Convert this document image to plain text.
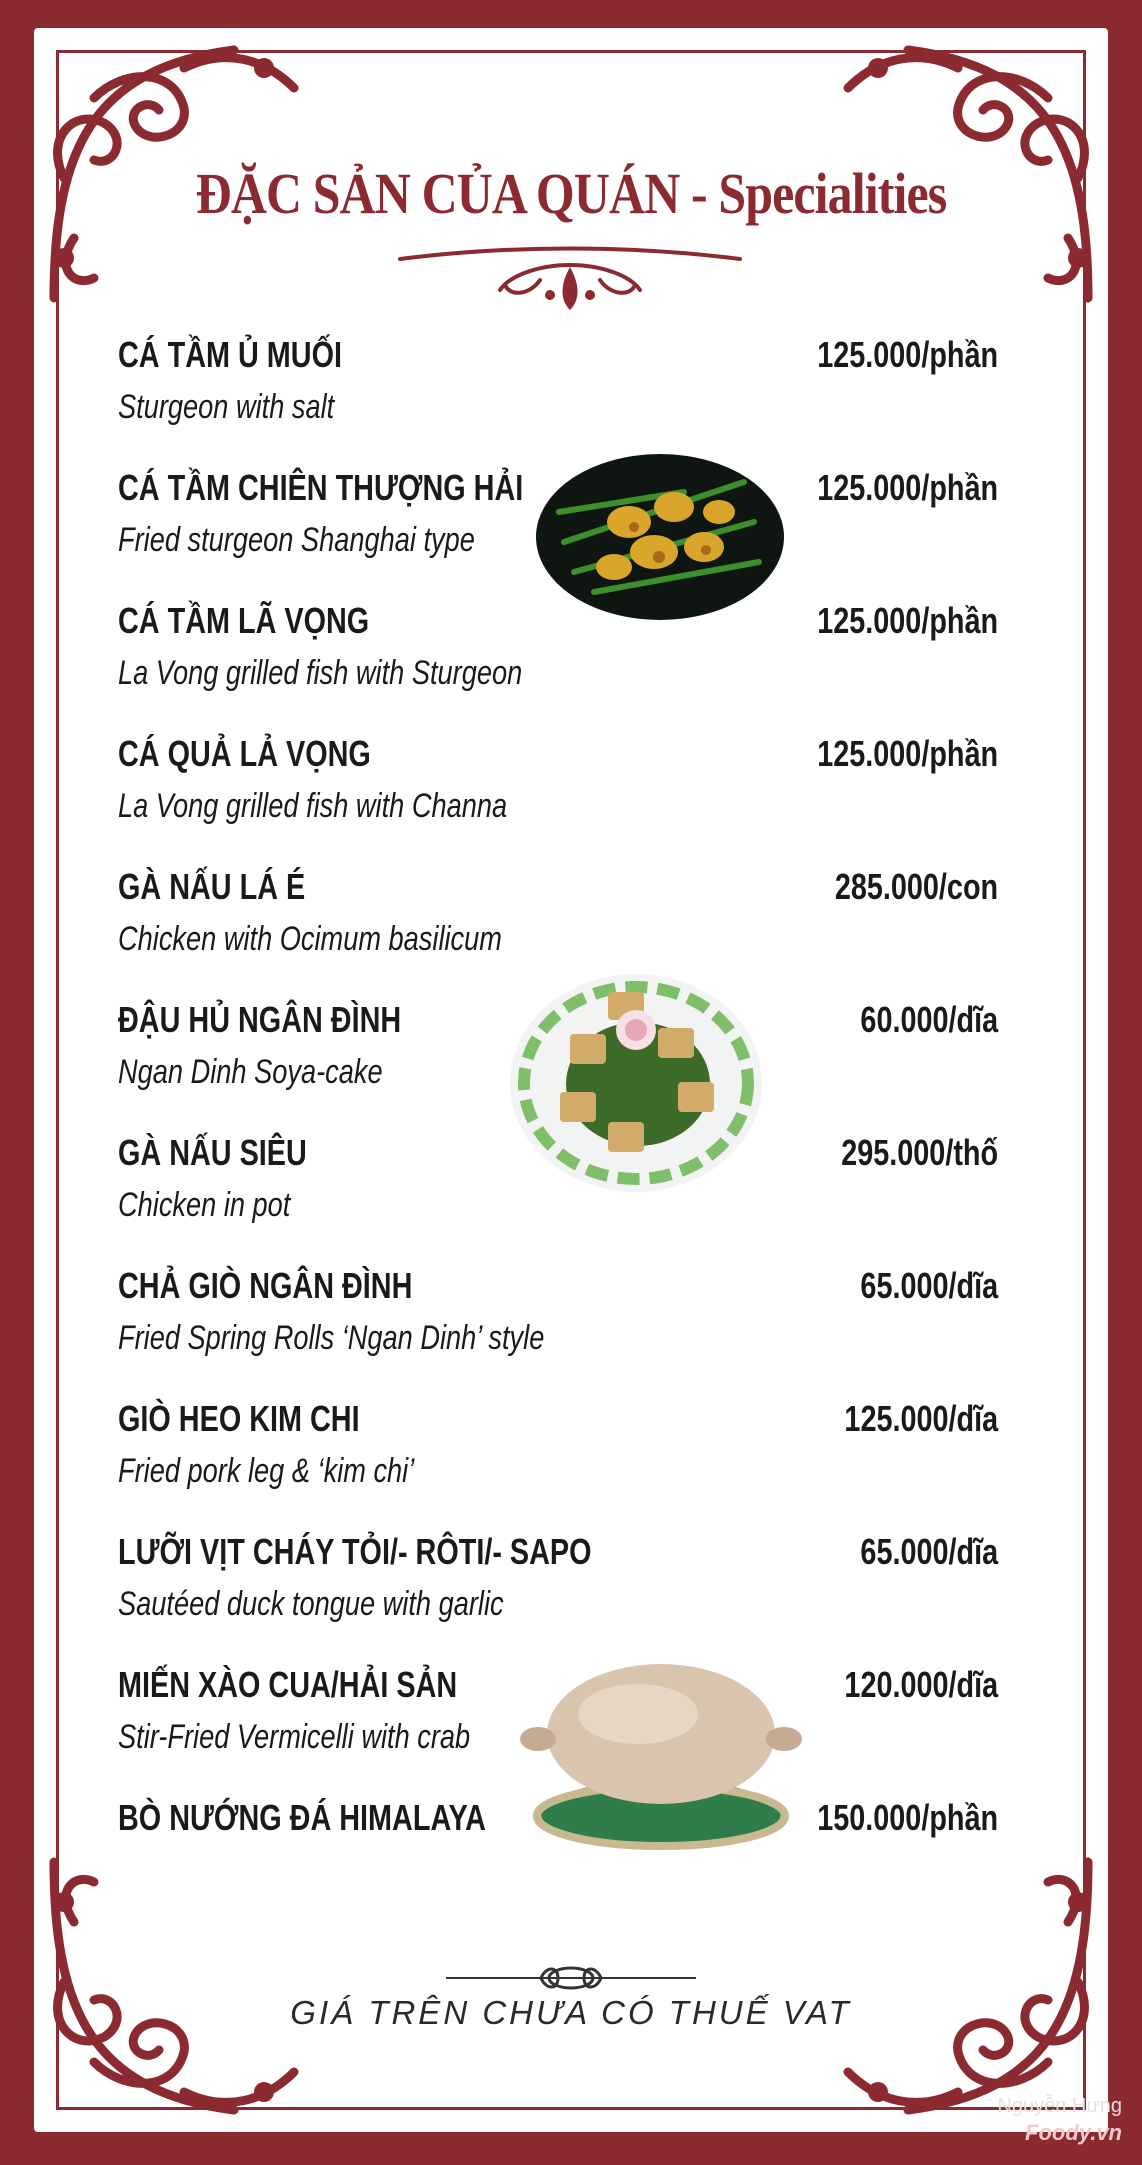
ĐẶC SẢN CỦA QUÁN - Specialities
CÁ TẦM Ủ MUỐI
Sturgeon with salt
125.000/phần
CÁ TẦM CHIÊN THƯỢNG HẢI
Fried sturgeon Shanghai type
125.000/phần
CÁ TẦM LÃ VỌNG
La Vong grilled fish with Sturgeon
125.000/phần
CÁ QUẢ LẢ VỌNG
La Vong grilled fish with Channa
125.000/phần
GÀ NẤU LÁ É
Chicken with Ocimum basilicum
285.000/con
ĐẬU HỦ NGÂN ĐÌNH
Ngan Dinh Soya-cake
60.000/dĩa
GÀ NẤU SIÊU
Chicken in pot
295.000/thố
CHẢ GIÒ NGÂN ĐÌNH
Fried Spring Rolls ‘Ngan Dinh’ style
65.000/dĩa
GIÒ HEO KIM CHI
Fried pork leg & ‘kim chi’
125.000/dĩa
LƯỠI VỊT CHÁY TỎI/- RÔTI/- SAPO
Sautéed duck tongue with garlic
65.000/dĩa
MIẾN XÀO CUA/HẢI SẢN
Stir-Fried Vermicelli with crab
120.000/dĩa
BÒ NƯỚNG ĐÁ HIMALAYA	150.000/phần
GIÁ TRÊN CHƯA CÓ THUẾ VAT
Nguyễn Hưng
Foody.vn
